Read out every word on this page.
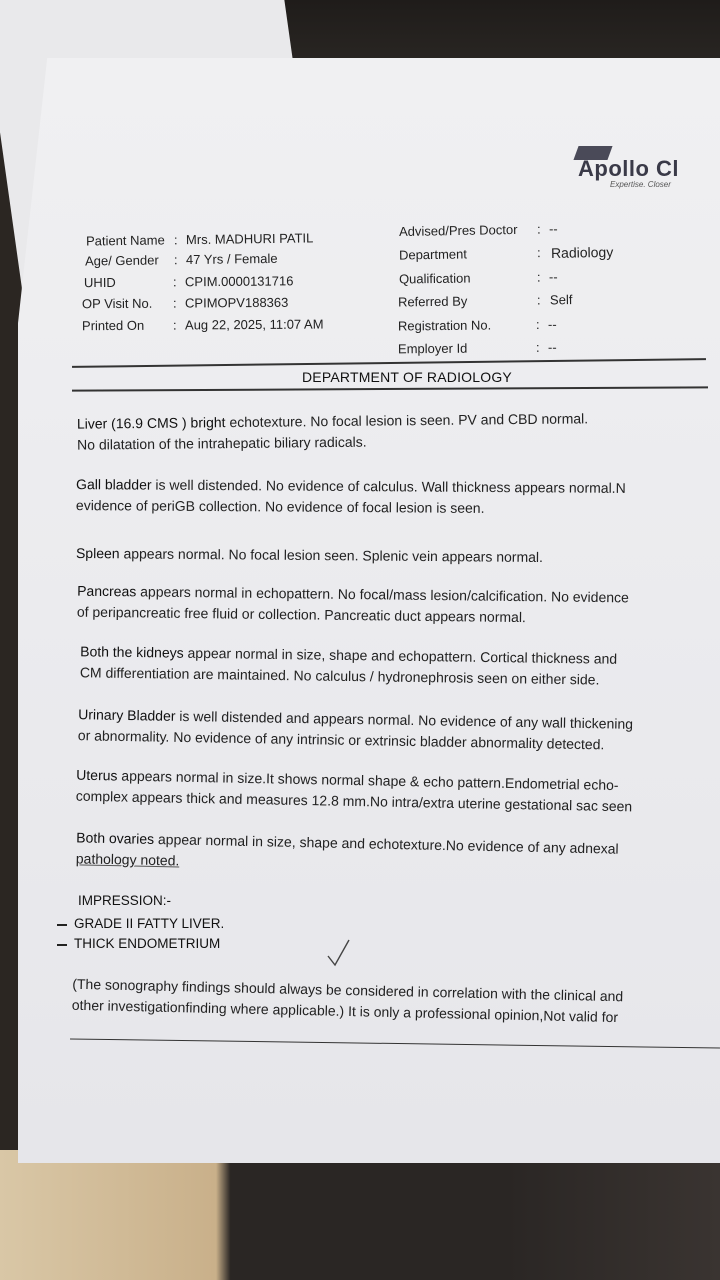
Apollo Cl
Expertise. Closer
Patient Name : Mrs. MADHURI PATIL
Age/ Gender : 47 Yrs / Female
UHID	: CPIM.0000131716
OP Visit No. : CPIMOPV188363
Printed On : Aug 22, 2025, 11:07 AM
Advised/Pres Doctor : --
Department	: Radiology
Qualification	: --
Referred By	: Self
Registration No.	: --
Employer Id	: --
DEPARTMENT OF RADIOLOGY
Liver (16.9 CMS ) bright echotexture. No focal lesion is seen. PV and CBD normal.
No dilatation of the intrahepatic biliary radicals.
Gall bladder is well distended. No evidence of calculus. Wall thickness appears normal.N
evidence of periGB collection. No evidence of focal lesion is seen.
Spleen appears normal. No focal lesion seen. Splenic vein appears normal.
Pancreas appears normal in echopattern. No focal/mass lesion/calcification. No evidence
of peripancreatic free fluid or collection. Pancreatic duct appears normal.
Both the kidneys appear normal in size, shape and echopattern. Cortical thickness and
CM differentiation are maintained. No calculus / hydronephrosis seen on either side.
Urinary Bladder is well distended and appears normal. No evidence of any wall thickening
or abnormality. No evidence of any intrinsic or extrinsic bladder abnormality detected.
Uterus appears normal in size.It shows normal shape & echo pattern.Endometrial echo-
complex appears thick and measures 12.8 mm.No intra/extra uterine gestational sac seen
Both ovaries appear normal in size, shape and echotexture.No evidence of any adnexal
pathology noted.
IMPRESSION:-
GRADE II FATTY LIVER.
THICK ENDOMETRIUM
(The sonography findings should always be considered in correlation with the clinical and
other investigationfinding where applicable.) It is only a professional opinion,Not valid for
